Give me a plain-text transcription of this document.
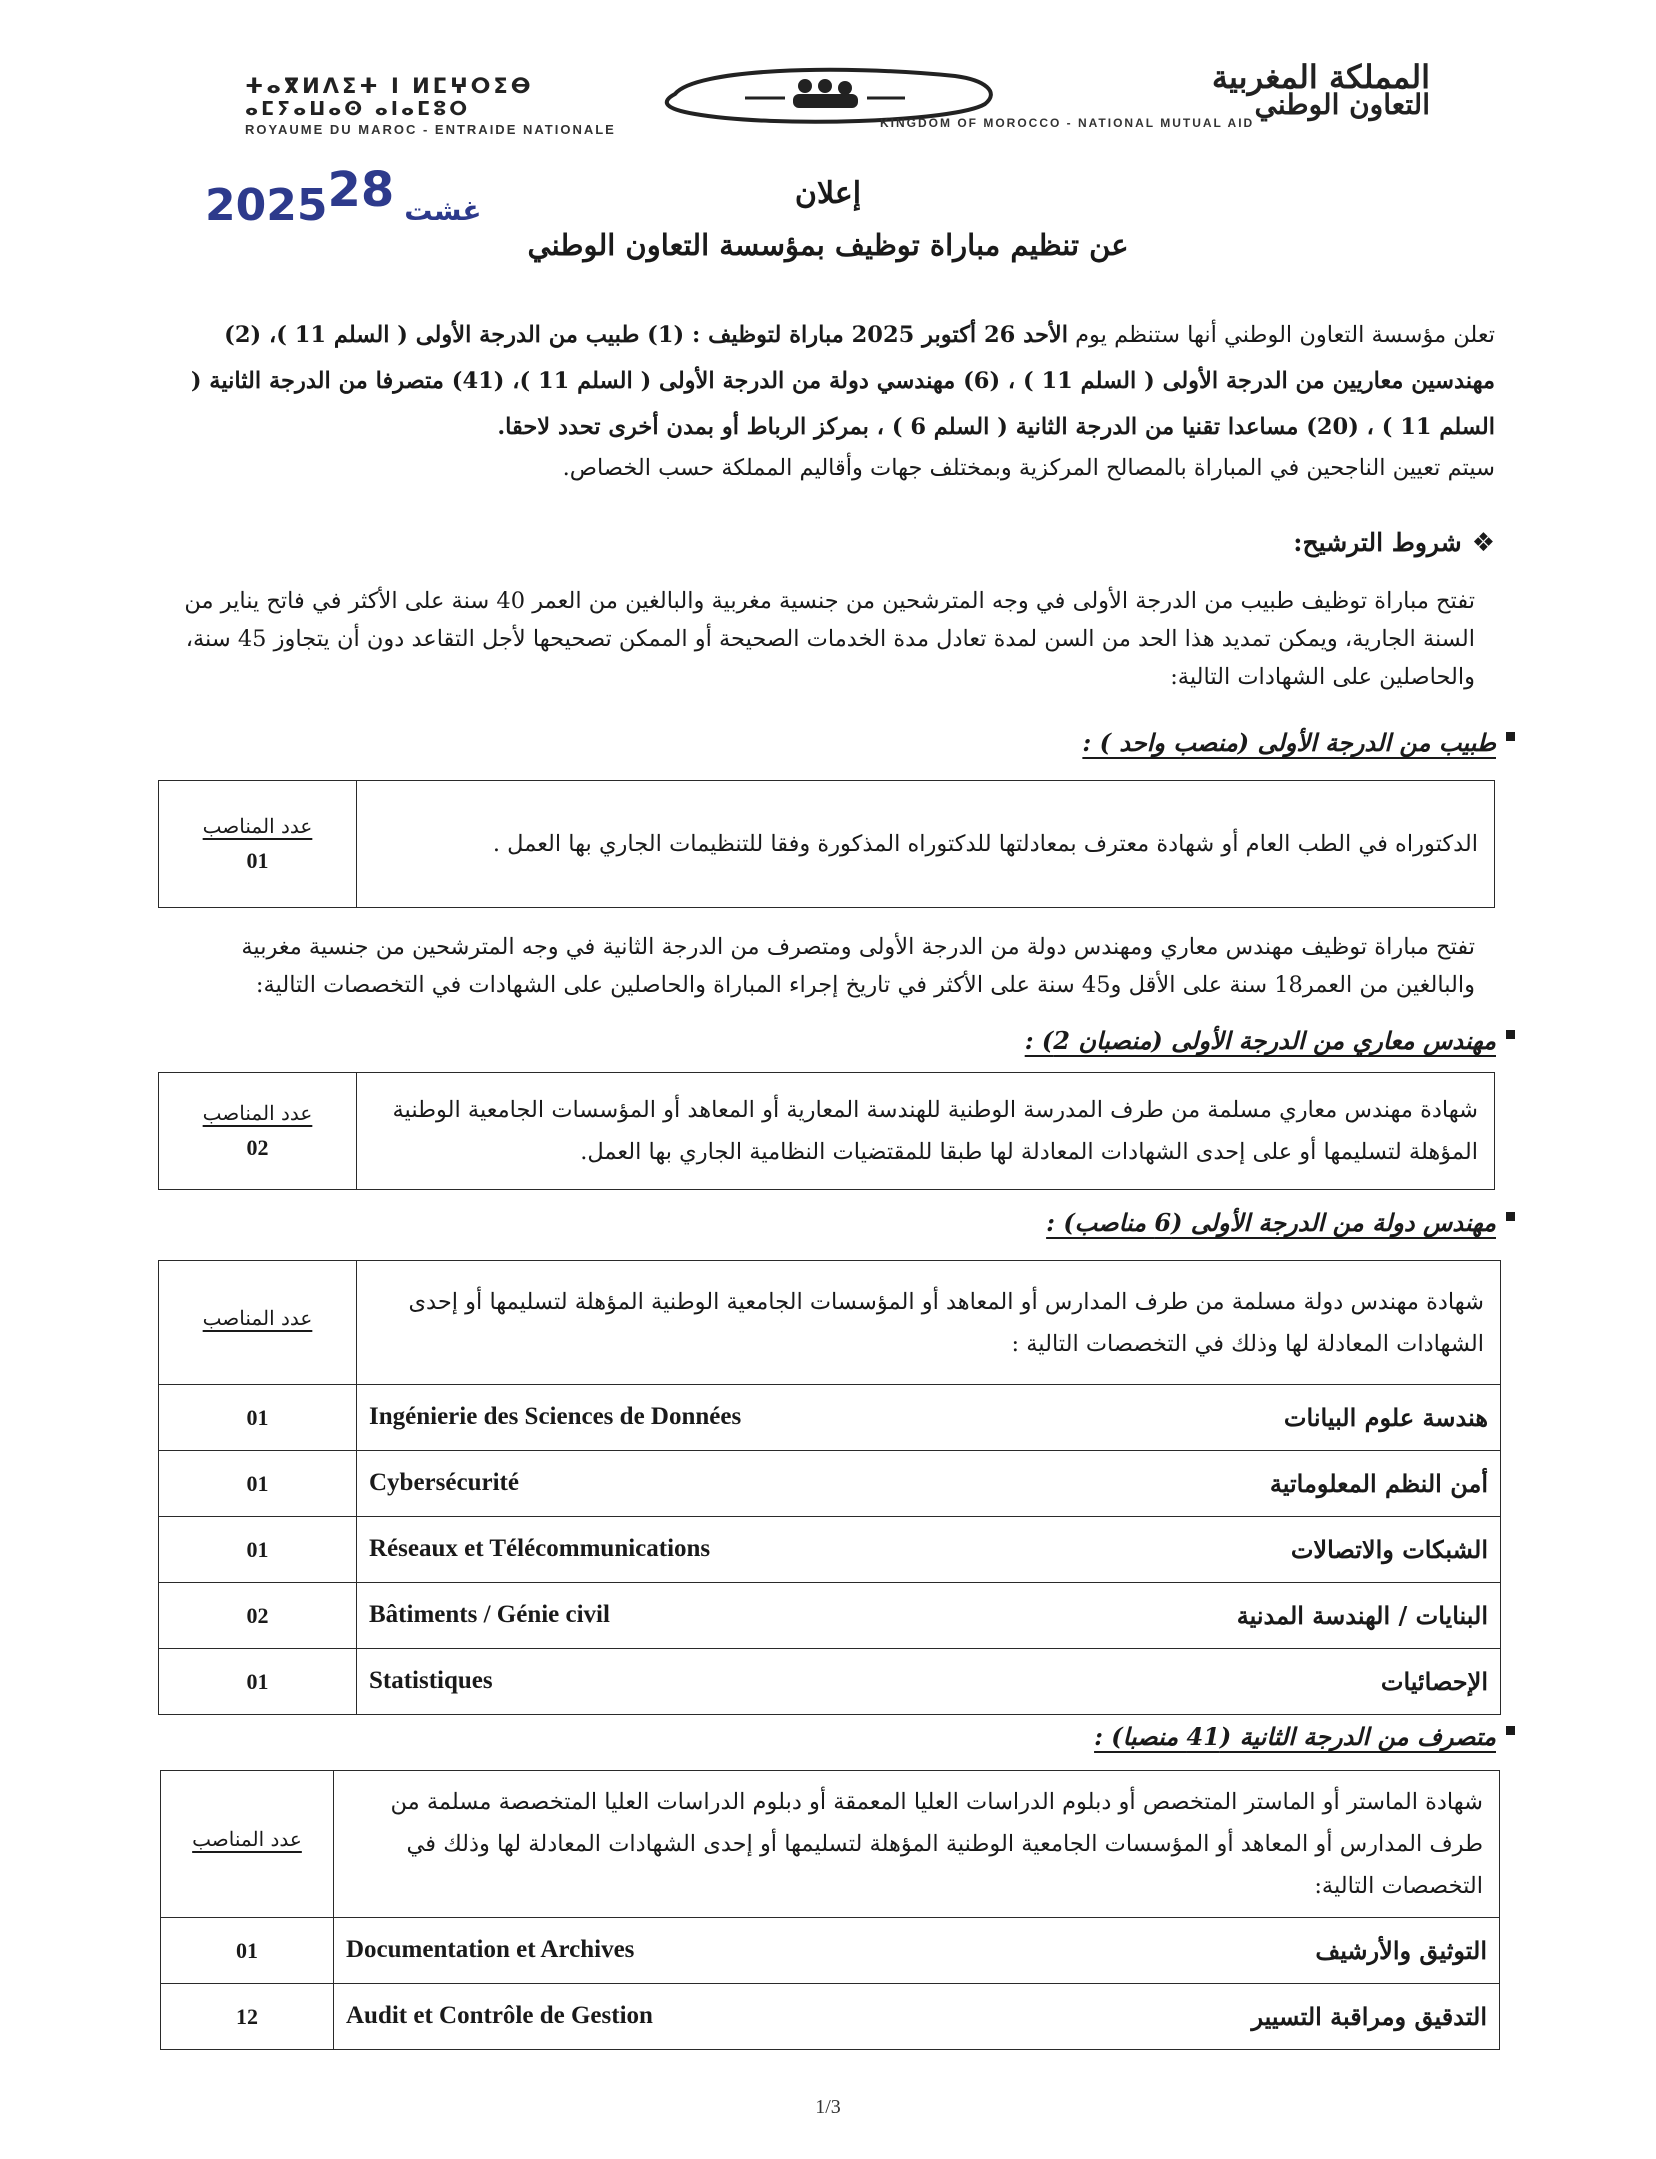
ⵜⴰⴳⵍⴷⵉⵜ ⵏ ⵍⵎⵖⵔⵉⴱ
ⴰⵎⵢⴰⵡⴰⵙ ⴰⵏⴰⵎⵓⵔ
ROYAUME DU MAROC - ENTRAIDE NATIONALE
المملكة المغربية
التعاون الوطني
KINGDOM OF MOROCCO - NATIONAL MUTUAL AID
2025	غشت28	إعلان
عن تنظيم مباراة توظيف بمؤسسة التعاون الوطني
تعلن مؤسسة التعاون الوطني أنها ستنظم يوم الأحد 26 أكتوبر 2025 مباراة لتوظيف : (1) طبيب من الدرجة الأولى ( السلم 11 )، (2) مهندسين معاريين من الدرجة الأولى ( السلم 11 ) ، (6) مهندسي دولة من الدرجة الأولى ( السلم 11 )، (41) متصرفا من الدرجة الثانية ( السلم 11 ) ، (20) مساعدا تقنيا من الدرجة الثانية ( السلم 6 ) ، بمركز الرباط أو بمدن أخرى تحدد لاحقا.
سيتم تعيين الناجحين في المباراة بالمصالح المركزية وبمختلف جهات وأقاليم المملكة حسب الخصاص.
❖شروط الترشيح:
تفتح مباراة توظيف طبيب من الدرجة الأولى في وجه المترشحين من جنسية مغربية والبالغين من العمر 40 سنة على الأكثر في فاتح يناير من السنة الجارية، ويمكن تمديد هذا الحد من السن لمدة تعادل مدة الخدمات الصحيحة أو الممكن تصحيحها لأجل التقاعد دون أن يتجاوز 45 سنة، والحاصلين على الشهادات التالية:
طبيب من الدرجة الأولى (منصب واحد ) :
عدد المناصب
01	الدكتوراه في الطب العام أو شهادة معترف بمعادلتها للدكتوراه المذكورة وفقا للتنظيمات الجاري بها العمل .
تفتح مباراة توظيف مهندس معاري ومهندس دولة من الدرجة الأولى ومتصرف من الدرجة الثانية في وجه المترشحين من جنسية مغربية والبالغين من العمر18 سنة على الأقل و45 سنة على الأكثر في تاريخ إجراء المباراة والحاصلين على الشهادات في التخصصات التالية:
مهندس معاري من الدرجة الأولى (منصبان 2) :
عدد المناصب
02	شهادة مهندس معاري مسلمة من طرف المدرسة الوطنية للهندسة المعارية أو المعاهد أو المؤسسات الجامعية الوطنية المؤهلة لتسليمها أو على إحدى الشهادات المعادلة لها طبقا للمقتضيات النظامية الجاري بها العمل.
مهندس دولة من الدرجة الأولى (6 مناصب) :
عدد المناصب	شهادة مهندس دولة مسلمة من طرف المدارس أو المعاهد أو المؤسسات الجامعية الوطنية المؤهلة لتسليمها أو إحدى الشهادات المعادلة لها وذلك في التخصصات التالية :
01	Ingénierie des Sciences de Données هندسة علوم البيانات

01	Cybersécurité أمن النظم المعلوماتية

01	Réseaux et Télécommunications الشبكات والاتصالات

02	Bâtiments / Génie civil البنايات / الهندسة المدنية

01	Statistiques الإحصائيات
متصرف من الدرجة الثانية (41 منصبا) :
عدد المناصب	شهادة الماستر أو الماستر المتخصص أو دبلوم الدراسات العليا المعمقة أو دبلوم الدراسات العليا المتخصصة مسلمة من طرف المدارس أو المعاهد أو المؤسسات الجامعية الوطنية المؤهلة لتسليمها أو إحدى الشهادات المعادلة لها وذلك في التخصصات التالية:
01	Documentation et Archives التوثيق والأرشيف

12	Audit et Contrôle de Gestion التدقيق ومراقبة التسيير
1/3
